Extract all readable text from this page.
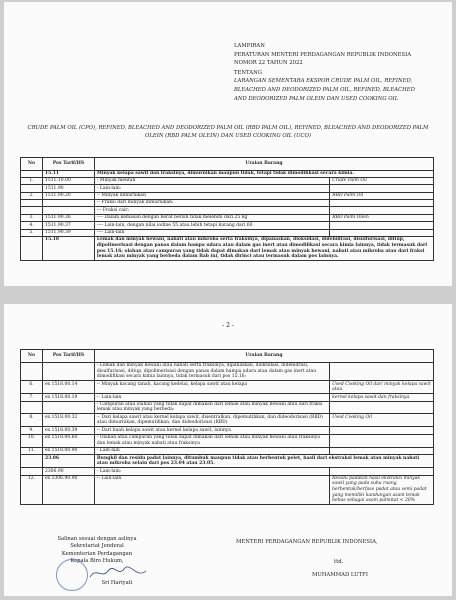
LAMPIRAN
PERATURAN MENTERI PERDAGANGAN REPUBLIK INDONESIA
NOMOR 22 TAHUN 2022
TENTANG
LARANGAN SEMENTARA EKSPOR CRUDE PALM OIL, REFINED,
BLEACHED AND DEODORIZED PALM OIL, REFINED, BLEACHED
AND DEODORIZED PALM OLEIN DAN USED COOKING OIL
CRUDE PALM OIL (CPO), REFINED, BLEACHED AND DEODORIZED PALM OIL (RBD PALM OIL), REFINED, BLEACHED AND DEODORIZED PALM OLEIN (RBD PALM OLEIN) DAN USED COOKING OIL (UCO)
No	Pos Tarif/HS	Uraian Barang	
	15.11	Minyak kelapa sawit dan fraksinya, dimurnikan maupun tidak, tetapi tidak dimodifikasi secara kimia.	
1.	1511.10.00	- Minyak mentah	Crude Palm Oil
	1511.90	- Lain-lain:	
2.	1511.90.20	-- Minyak dimurnikan	RBD Palm Oil
		-- Fraksi dari minyak dimurnikan:	
		--- Fraksi cair:	
3.	1511.90.36	---- Dalam kemasan dengan berat bersih tidak melebihi dari 25 kg	RBD Palm Olein
4.	1511.90.37	---- Lain-lain, dengan nilai iodine 55 atau lebih tetapi kurang dari 60	
5.	1511.90.39	---- Lain-lain	
	15.18	Lemak dan minyak hewani, nabati atau mikroba serta fraksinya, dipanaskan, dioksidasi, didehidrasi, disulfurisasi, ditiup, dipolimerisasi dengan panas dalam hampa udara atau dalam gas inert atau dimodifikasi secara kimia lainnya, tidak termasuk dari pos 15.16; olahan atau campuran yang tidak dapat dimakan dari lemak atau minyak hewani, nabati atau mikroba atau dari fraksi lemak atau minyak yang berbeda dalam Bab ini, tidak dirinci atau termasuk dalam pos lainnya.	
- 2 -
No	Pos Tarif/HS	Uraian Barang	
		- Lemak dan minyak hewani atau nabati serta fraksinya, dipanaskan, dioksidasi, didehidrasi, disulfurisasi, ditiup, dipolimerisasi dengan panas dalam hampa udara atau dalam gas inert atau dimodifikasi secara kimia lainnya, tidak termasuk dari pos 15.16:	
6.	ex 1518.00.14	-- Minyak kacang tanah, kacang kedelai, kelapa sawit atau kelapa	Used Cooking Oil dari minyak kelapa sawit atau
7.	ex 1518.00.19	-- Lain-lain	kernel kelapa sawit dan fraksinya
		- Campuran atau olahan yang tidak dapat dimakan dari lemak atau minyak hewani atau dari fraksi lemak atau minyak yang berbeda:	
8.	ex 1518.00.32	-- Dari kelapa sawit atau kernel kelapa sawit, disentralkan, dipemutihkan, dan dideodorisasi (RBD) atau dimurnikan, dipemutihkan, dan dideodorisasi (RBD)	Used Cooking Oil
9.	ex 1518.00.39	-- Dari buah kelapa sawit atau kernel kelapa sawit, lainnya	
10.	ex 1518.00.60	- Olahan atau campuran yang tidak dapat dimakan dari lemak atau minyak hewani atau fraksinya dan lemak atau minyak nabati atau fraksinya	
11.	ex 1518.00.90	- Lain-lain	
	23.06	Bungkil dan residu padat lainnya, ditumbuk maupun tidak atau berbentuk pelet, hasil dari ekstraksi lemak atau minyak nabati atau mikroba selain dari pos 23.04 atau 23.05.	
	2306.90	- Lain-lain:	
12.	ex 2306.90.90	-- Lain-lain	Residu padatan hasil ekstraksi minyak sawit yang pada suhu ruang berbentuk/berfase padat atau semi padat yang memiliki kandungan asam lemak bebas sebagai asam palmitat < 20%
Salinan sesuai dengan aslinya
Sekretariat Jenderal
Kementerian Perdagangan
Kepala Biro Hukum,
Sri Hariyati
MENTERI PERDAGANGAN REPUBLIK INDONESIA,
ttd.
MUHAMMAD LUTFI
